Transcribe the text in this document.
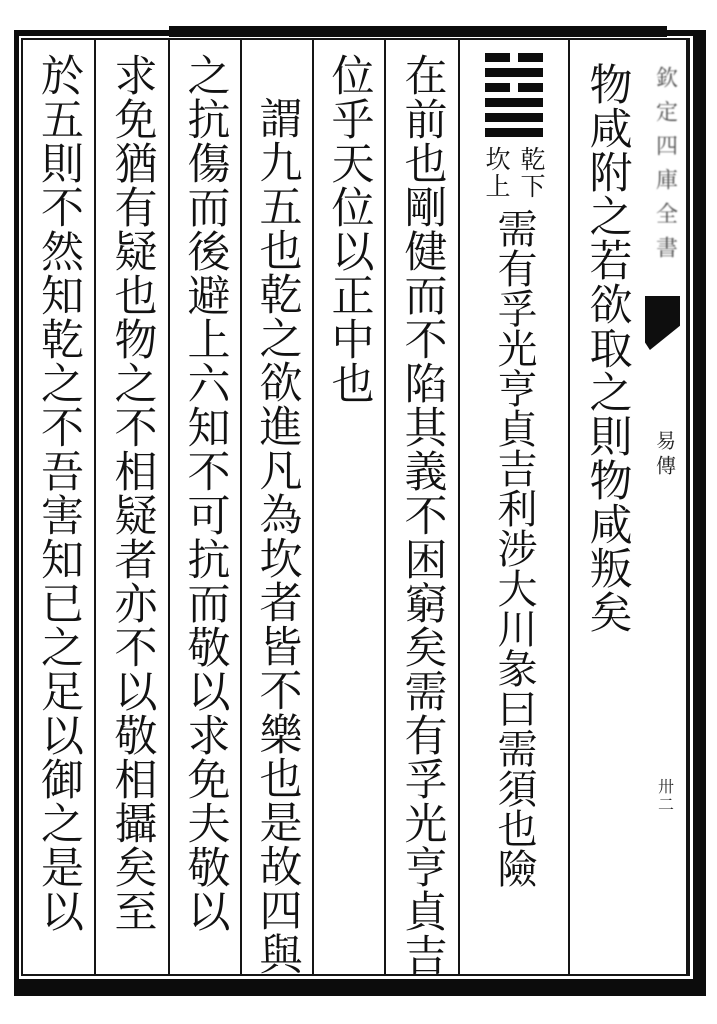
物咸附之若欲取之則物咸叛矣
乾下
坎上
需有孚光亨貞吉利涉大川彖曰需須也險
在前也剛健而不陷其義不困窮矣需有孚光亨貞吉
位乎天位以正中也
謂九五也乾之欲進凡為坎者皆不樂也是故四與
之抗傷而後避上六知不可抗而敬以求免夫敬以
求免猶有疑也物之不相疑者亦不以敬相攝矣至
於五則不然知乾之不吾害知已之足以御之是以	欽定四庫全書
易傳
卅二
